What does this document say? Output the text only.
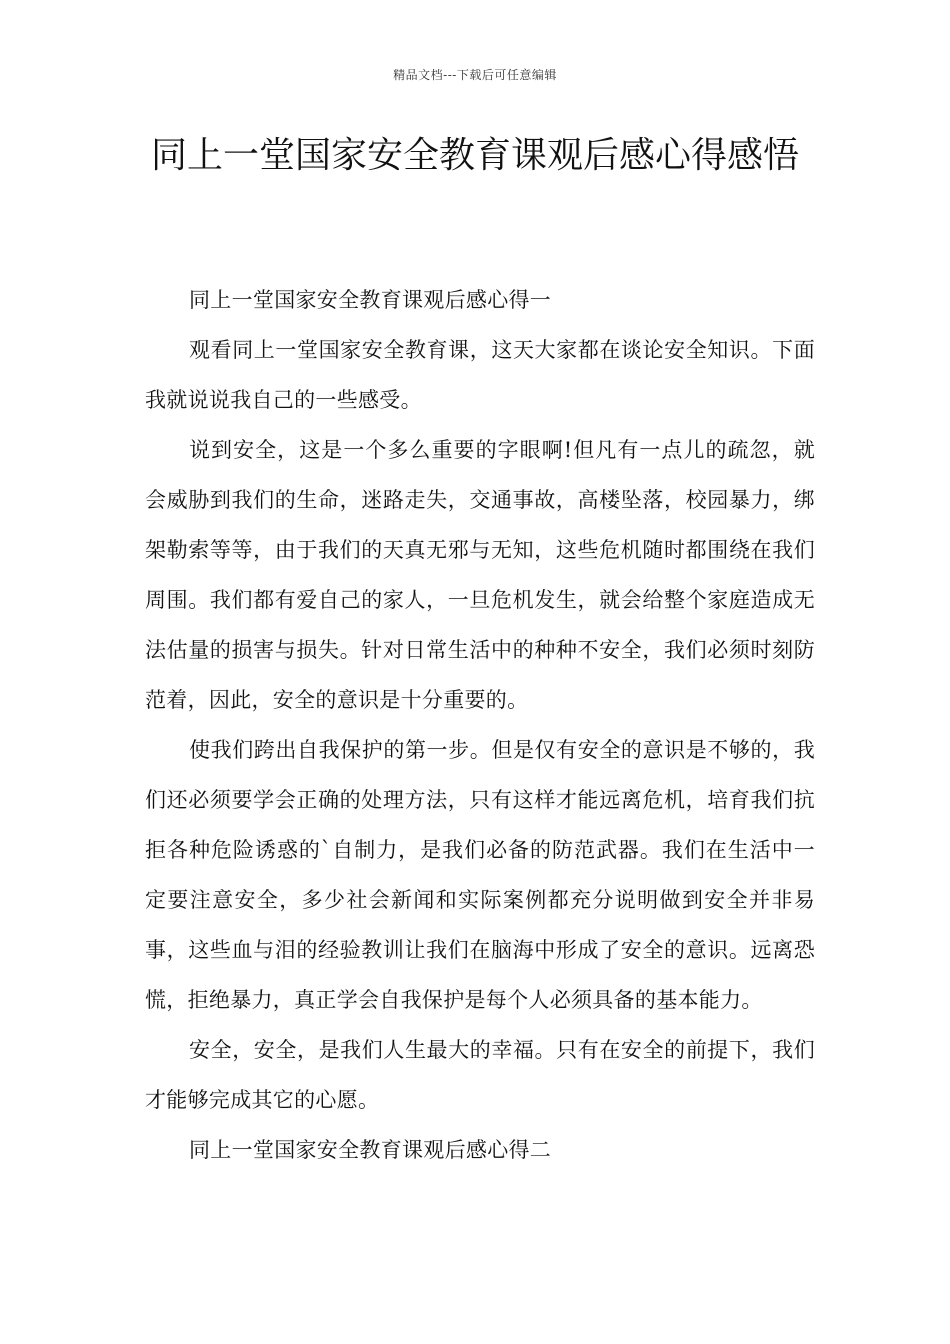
精品文档---下载后可任意编辑
同上一堂国家安全教育课观后感心得感悟

同上一堂国家安全教育课观后感心得一

观看同上一堂国家安全教育课，这天大家都在谈论安全知识。下面我就说说我自己的一些感受。

说到安全，这是一个多么重要的字眼啊!但凡有一点儿的疏忽，就会威胁到我们的生命，迷路走失，交通事故，高楼坠落，校园暴力，绑架勒索等等，由于我们的天真无邪与无知，这些危机随时都围绕在我们周围。我们都有爱自己的家人，一旦危机发生，就会给整个家庭造成无法估量的损害与损失。针对日常生活中的种种不安全，我们必须时刻防范着，因此，安全的意识是十分重要的。

使我们跨出自我保护的第一步。但是仅有安全的意识是不够的，我们还必须要学会正确的处理方法，只有这样才能远离危机，培育我们抗拒各种危险诱惑的`自制力，是我们必备的防范武器。我们在生活中一定要注意安全，多少社会新闻和实际案例都充分说明做到安全并非易事，这些血与泪的经验教训让我们在脑海中形成了安全的意识。远离恐慌，拒绝暴力，真正学会自我保护是每个人必须具备的基本能力。

安全，安全，是我们人生最大的幸福。只有在安全的前提下，我们才能够完成其它的心愿。

同上一堂国家安全教育课观后感心得二
